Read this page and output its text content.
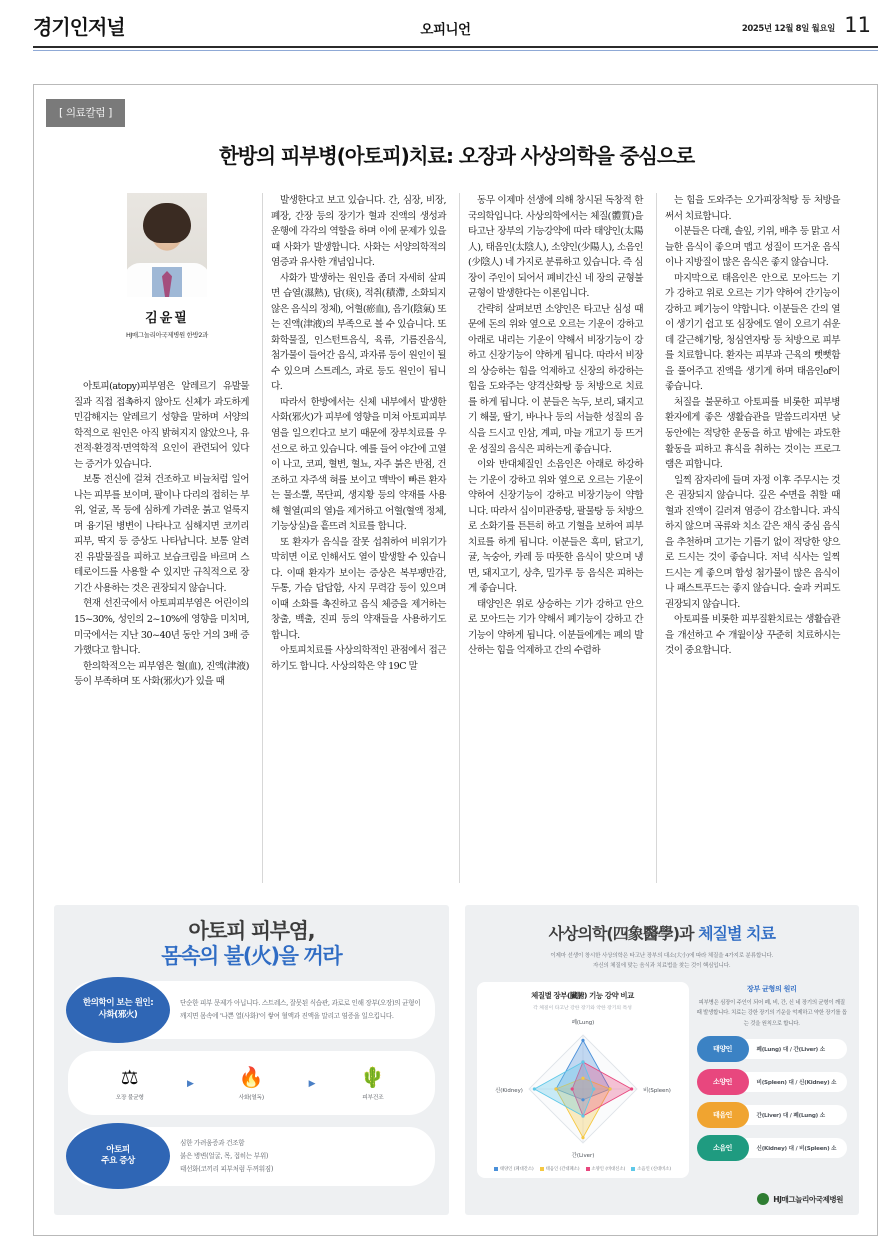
경기인저널	오피니언	2025년 12월 8일 월요일 11
[ 의료칼럼 ]
한방의 피부병(아토피)치료: 오장과 사상의학을 중심으로
김윤필
HJ매그놀리아국제병원 한방2과

아토피(atopy)피부염은 알레르기 유발물질과 직접 접촉하지 않아도 신체가 과도하게 민감해지는 알레르기 성향을 말하며 서양의학적으로 원인은 아직 밝혀지지 않았으나, 유전적·환경적·면역학적 요인이 관련되어 있다는 증거가 있습니다.

보통 전신에 걸쳐 건조하고 비늘처럼 일어나는 피부를 보이며, 팔이나 다리의 접히는 부위, 얼굴, 목 등에 심하게 가려운 붉고 얼룩지며 융기된 병변이 나타나고 심해지면 코끼리피부, 딱지 등 증상도 나타납니다. 보통 알려진 유발물질을 피하고 보습크림을 바르며 스테로이드를 사용할 수 있지만 규칙적으로 장기간 사용하는 것은 권장되지 않습니다.

현재 선진국에서 아토피피부염은 어린이의 15~30%, 성인의 2~10%에 영향을 미치며, 미국에서는 지난 30~40년 동안 거의 3배 증가했다고 합니다.

한의학적으는 피부염은 혈(血), 진액(津液) 등이 부족하며 또 사화(邪火)가 있을 때

발생한다고 보고 있습니다. 간, 심장, 비장, 폐장, 간장 등의 장기가 혈과 진액의 생성과 운행에 각각의 역할을 하며 이에 문제가 있을 때 사화가 발생합니다. 사화는 서양의학적의 염증과 유사한 개념입니다.

사화가 발생하는 원인을 좀더 자세히 살피면 습열(濕熱), 담(痰), 적취(積滯, 소화되지 않은 음식의 정체), 어혈(瘀血), 음기(陰氣) 또는 진액(津液)의 부족으로 볼 수 있습니다. 또 화학물질, 인스턴트음식, 육류, 기름진음식, 첨가물이 들어간 음식, 과자류 등이 원인이 될 수 있으며 스트레스, 과로 등도 원인이 됩니다.

따라서 한방에서는 신체 내부에서 발생한 사화(邪火)가 피부에 영향을 미쳐 아토피피부염을 일으킨다고 보기 때문에 장부치료를 우선으로 하고 있습니다. 예를 들어 야간에 고열이 나고, 코피, 혈변, 혈뇨, 자주 붉은 반점, 건조하고 자주색 혀를 보이고 맥박이 빠른 환자는 물소뿔, 목단피, 생지황 등의 약재를 사용해 혈열(피의 열)을 제거하고 어혈(혈액 정체, 기능상실)을 흩뜨려 치료를 합니다.

또 환자가 음식을 잘못 섭취하여 비위기가 막히면 이로 인해서도 열이 발생할 수 있습니다. 이때 환자가 보이는 증상은 복부팽만감, 두통, 가슴 답답함, 사지 무력감 등이 있으며 이때 소화를 촉진하고 음식 체증을 제거하는 창출, 백출, 진피 등의 약재들을 사용하기도 합니다.

아토피치료를 사상의학적인 관점에서 접근하기도 합니다. 사상의학은 약 19C 말

동무 이제마 선생에 의해 창시된 독창적 한국의학입니다. 사상의학에서는 체질(體質)을 타고난 장부의 기능강약에 따라 태양인(太陽人), 태음인(太陰人), 소양인(少陽人), 소음인(少陰人) 네 가지로 분류하고 있습니다. 즉 심장이 주인이 되어서 폐비간신 네 장의 균형불균형이 발생한다는 이론입니다.

간략히 살펴보면 소양인은 타고난 심성 때문에 돈의 위와 옆으로 오르는 기운이 강하고 아래로 내리는 기운이 약해서 비장기능이 강하고 신장기능이 약하게 됩니다. 따라서 비장의 상승하는 힘을 억제하고 신장의 하강하는 힘을 도와주는 양격산화탕 등 처방으로 치료를 하게 됩니다. 이 분들은 녹두, 보리, 돼지고기 해물, 딸기, 바나나 등의 서늘한 성질의 음식을 드시고 인삼, 계피, 마늘 개고기 등 뜨거운 성질의 음식은 피하는게 좋습니다.

이와 반대체질인 소음인은 아래로 하강하는 기운이 강하고 위와 옆으로 오르는 기운이 약하여 신장기능이 강하고 비장기능이 약합니다. 따라서 십이미관중탕, 팔물탕 등 처방으로 소화기를 튼튼히 하고 기혈을 보하여 피부치료를 하게 됩니다. 이분들은 흑미, 닭고기, 귤, 녹숭아, 카레 등 따뜻한 음식이 맞으며 냉면, 돼지고기, 상추, 밀가루 등 음식은 피하는 게 좋습니다.

태양인은 위로 상승하는 기가 강하고 안으로 모아드는 기가 약해서 폐기능이 강하고 간기능이 약하게 됩니다. 이분들에게는 폐의 발산하는 힘을 억제하고 간의 수렴하

는 힘을 도와주는 오가피장척탕 등 처방을 써서 치료합니다.

이분들은 다래, 솔잎, 키위, 배추 등 맑고 서늘한 음식이 좋으며 맵고 성질이 뜨거운 음식이나 지방질이 많은 음식은 좋지 않습니다.

마지막으로 태음인은 안으로 모아드는 기가 강하고 위로 오르는 기가 약하여 간기능이 강하고 폐기능이 약합니다. 이분들은 간의 열이 생기기 쉽고 또 심장에도 열이 오르기 쉬운데 갈근해기탕, 청심연자탕 등 처방으로 피부를 치료합니다. 환자는 피부과 근육의 뻣뻣함을 풀어주고 진액을 생기게 하며 태음인of이 좋습니다.

처질을 불문하고 아토피를 비롯한 피부병환자에게 좋은 생활습관을 말씀드리자면 낮 동안에는 적당한 운동을 하고 밤에는 과도한 활동을 피하고 휴식을 취하는 것이는 프로그램은 피합니다.

일찍 잠자리에 들며 자정 이후 주무시는 것은 권장되지 않습니다. 깊은 수면을 취할 때 혈과 진액이 길러져 염증이 감소합니다. 과식하지 않으며 곡류와 치소 같은 채식 중심 음식을 추천하며 고기는 기름기 없이 적당한 양으로 드시는 것이 좋습니다. 저녁 식사는 일찍 드시는 게 좋으며 합성 첨가물이 많은 음식이나 패스트푸드는 좋지 않습니다. 술과 커피도 권장되지 않습니다.

아토피를 비롯한 피부질환치료는 생활습관을 개선하고 수 개월이상 꾸준히 치료하시는 것이 중요합니다.

아토피 피부염,
몸속의 불(火)을 꺼라
한의학이 보는 원인:
사화(邪火)
단순한 피부 문제가 아닙니다. 스트레스, 잘못된 식습관, 과로로 인해 장부(오장)의 균형이 깨지면 몸속에 '나쁜 열(사화)'이 쌓여 혈액과 진액을 말리고 염증을 일으킵니다.
⚖
오장 불균형
▶	🔥
사화(열독)
▶	🌵
피부건조
아토피
주요 증상
심한 가려움증과 건조함
붉은 병변(얼굴, 목, 접히는 부위)
태선화(코끼리 피부처럼 두꺼워짐)
사상의학(四象醫學)과 체질별 치료
이제마 선생이 창시한 사상의학은 타고난 장부의 대소(大小)에 따라 체질을 4가지로 분류합니다.
자신의 체질에 맞는 음식과 치료법을 찾는 것이 핵심입니다.
체질별 장부(臟腑) 기능 강약 비교
각 체질이 타고난 강한 장기와 약한 장기의 특성
폐(Lung)
비(Spleen)
간(Liver)
신(Kidney)
태양인 (폐대간소)	태음인 (간대폐소)	소양인 (비대신소)	소음인 (신대비소)
장부 균형의 원리
피부병은 심장이 주인이 되어 폐, 비, 간, 신 네 장기의 균형이 깨질 때 발생합니다. 치료는 강한 장기의 기운을 억제하고 약한 장기를 돕는 것을 원칙으로 합니다.
태양인	폐(Lung) 대 / 간(Liver) 소
소양인	비(Spleen) 대 / 신(Kidney) 소
태음인	간(Liver) 대 / 폐(Lung) 소
소음인	신(Kidney) 대 / 비(Spleen) 소
HJ매그놀리아국제병원
